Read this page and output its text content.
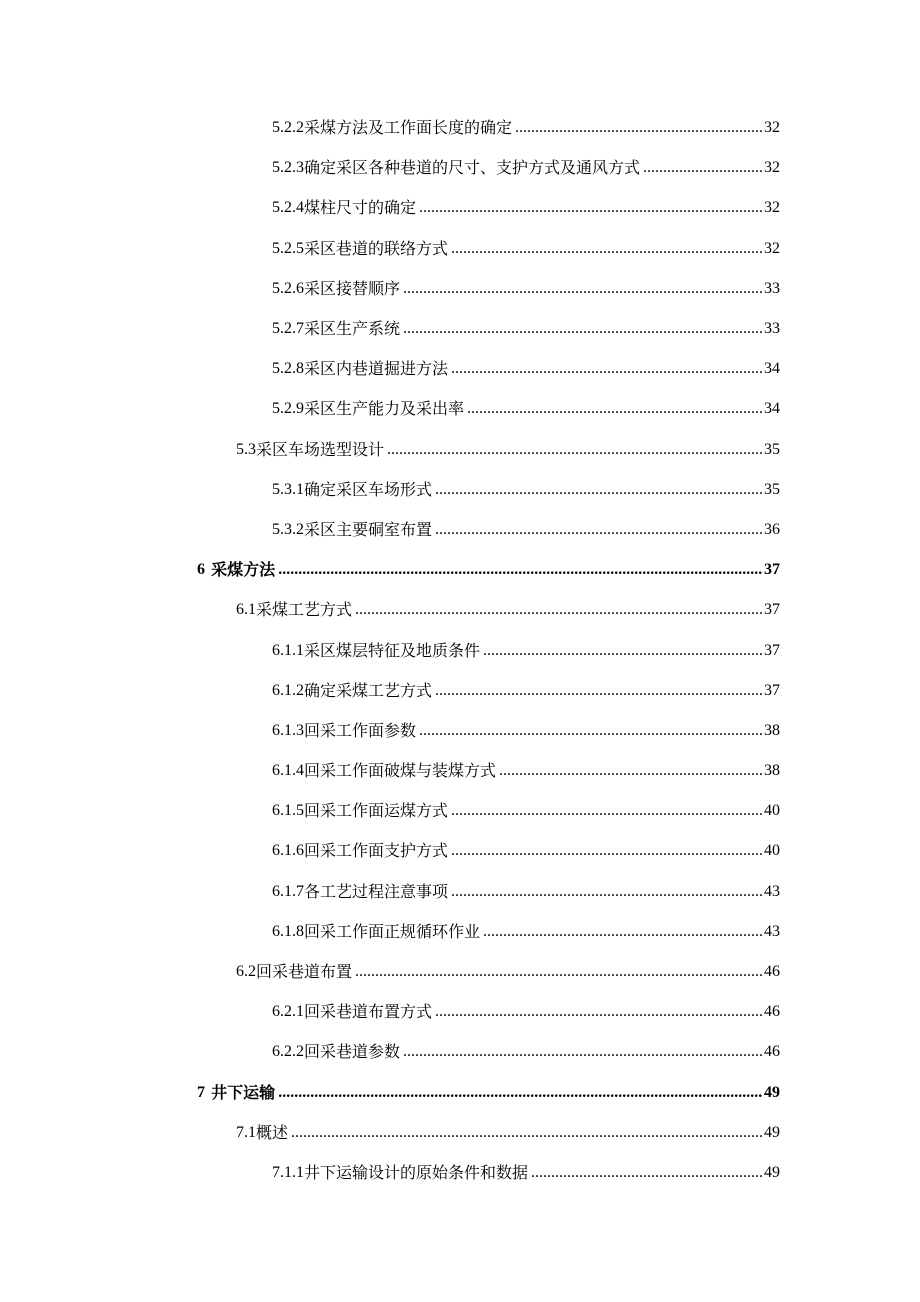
5.2.2 采煤方法及工作面长度的确定 .....	32
5.2.3 确定采区各种巷道的尺寸、支护方式及通风方式 .....	32
5.2.4 煤柱尺寸的确定 .....	32
5.2.5 采区巷道的联络方式 .....	32
5.2.6 采区接替顺序 .....	33
5.2.7 采区生产系统 .....	33
5.2.8 采区内巷道掘进方法 .....	34
5.2.9 采区生产能力及采出率 .....	34
5.3 采区车场选型设计 .....	35
5.3.1 确定采区车场形式 .....	35
5.3.2 采区主要硐室布置 .....	36
6 采煤方法 .....	37
6.1 采煤工艺方式 .....	37
6.1.1 采区煤层特征及地质条件 .....	37
6.1.2 确定采煤工艺方式 .....	37
6.1.3 回采工作面参数 .....	38
6.1.4 回采工作面破煤与装煤方式 .....	38
6.1.5 回采工作面运煤方式 .....	40
6.1.6 回采工作面支护方式 .....	40
6.1.7 各工艺过程注意事项 .....	43
6.1.8 回采工作面正规循环作业 .....	43
6.2 回采巷道布置 .....	46
6.2.1 回采巷道布置方式 .....	46
6.2.2 回采巷道参数 .....	46
7 井下运输 .....	49
7.1 概述 .....	49
7.1.1 井下运输设计的原始条件和数据 .....	49
